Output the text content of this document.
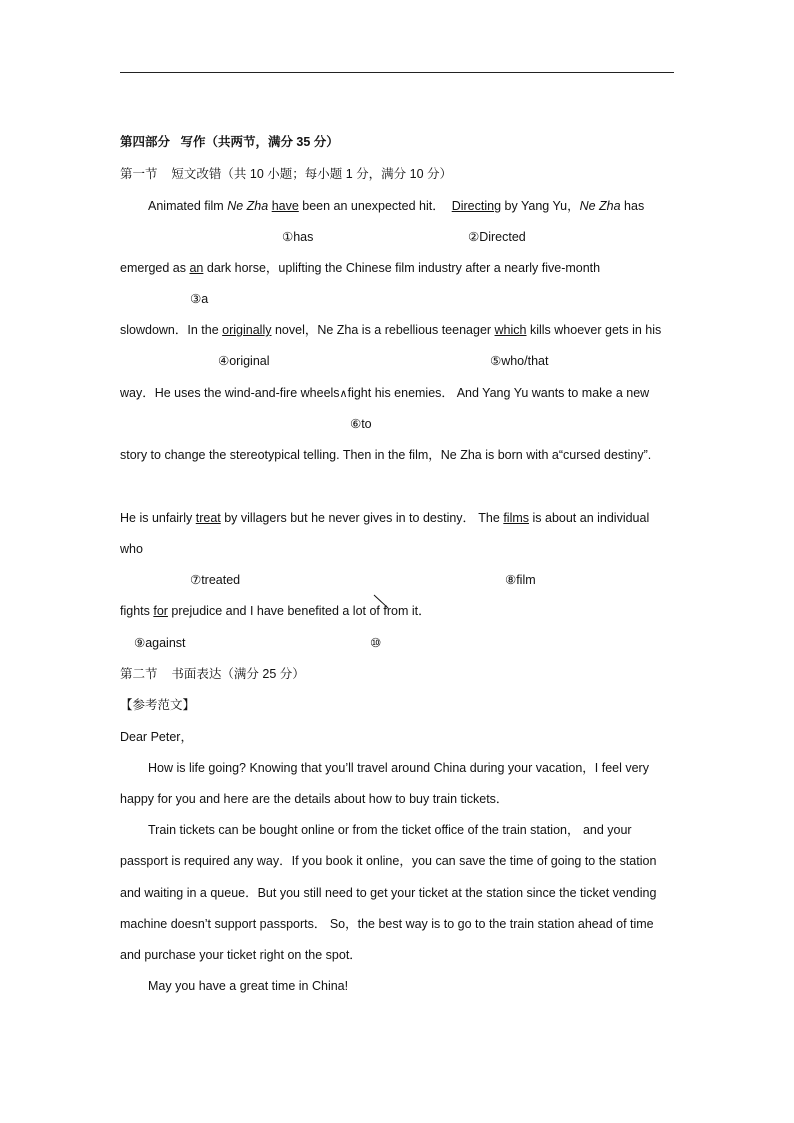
第四部分 写作（共两节，满分 35 分）
第一节 短文改错（共 10 小题；每小题 1 分，满分 10 分）
Animated film Ne Zha have been an unexpected hit． Directing by Yang Yu，Ne Zha has
①has	②Directed
emerged as an dark horse，uplifting the Chinese film industry after a nearly five-month
③a
slowdown．In the originally novel，Ne Zha is a rebellious teenager which kills whoever gets in his
④original	⑤who/that
way．He uses the wind-and-fire wheels∧fight his enemies． And Yang Yu wants to make a new
⑥to
story to change the stereotypical telling. Then in the film，Ne Zha is born with a“cursed destiny”.
He is unfairly treat by villagers but he never gives in to destiny． The films is about an individual
who
⑦treated	⑧film
fights for prejudice and I have benefited a lot of from it．
⑨against	⑩
第二节 书面表达（满分 25 分）
【参考范文】
Dear Peter，
How is life going? Knowing that you’ll travel around China during your vacation，I feel very
happy for you and here are the details about how to buy train tickets．
Train tickets can be bought online or from the ticket office of the train station， and your
passport is required any way．If you book it online，you can save the time of going to the station
and waiting in a queue．But you still need to get your ticket at the station since the ticket vending
machine doesn’t support passports． So，the best way is to go to the train station ahead of time
and purchase your ticket right on the spot．
May you have a great time in China!
